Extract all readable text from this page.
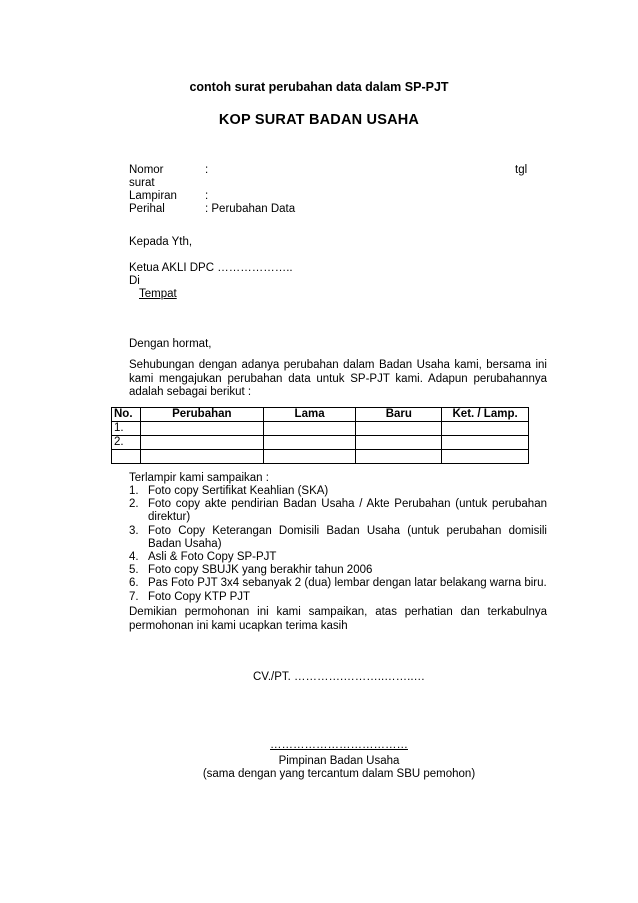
contoh surat perubahan data dalam SP-PJT
KOP SURAT BADAN USAHA
Nomor	:	tgl
surat
Lampiran :
Perihal	: Perubahan Data
Kepada Yth,
Ketua AKLI DPC ………………..
Di
Tempat
Dengan hormat,
Sehubungan dengan adanya perubahan dalam Badan Usaha kami, bersama ini kami mengajukan perubahan data untuk SP-PJT kami. Adapun perubahannya adalah sebagai berikut :
No.	Perubahan	Lama	Baru	Ket. / Lamp.
1.				
2.				

Terlampir kami sampaikan :
1. Foto copy Sertifikat Keahlian (SKA)
2. Foto copy akte pendirian Badan Usaha / Akte Perubahan (untuk perubahan direktur)
3. Foto Copy Keterangan Domisili Badan Usaha (untuk perubahan domisili Badan Usaha)
4. Asli & Foto Copy SP-PJT
5. Foto copy SBUJK yang berakhir tahun 2006
6. Pas Foto PJT 3x4 sebanyak 2 (dua) lembar dengan latar belakang warna biru.
7. Foto Copy KTP PJT
Demikian permohonan ini kami sampaikan, atas perhatian dan terkabulnya permohonan ini kami ucapkan terima kasih
CV./PT. ………….………..……..…
………………………………
Pimpinan Badan Usaha
(sama dengan yang tercantum dalam SBU pemohon)
